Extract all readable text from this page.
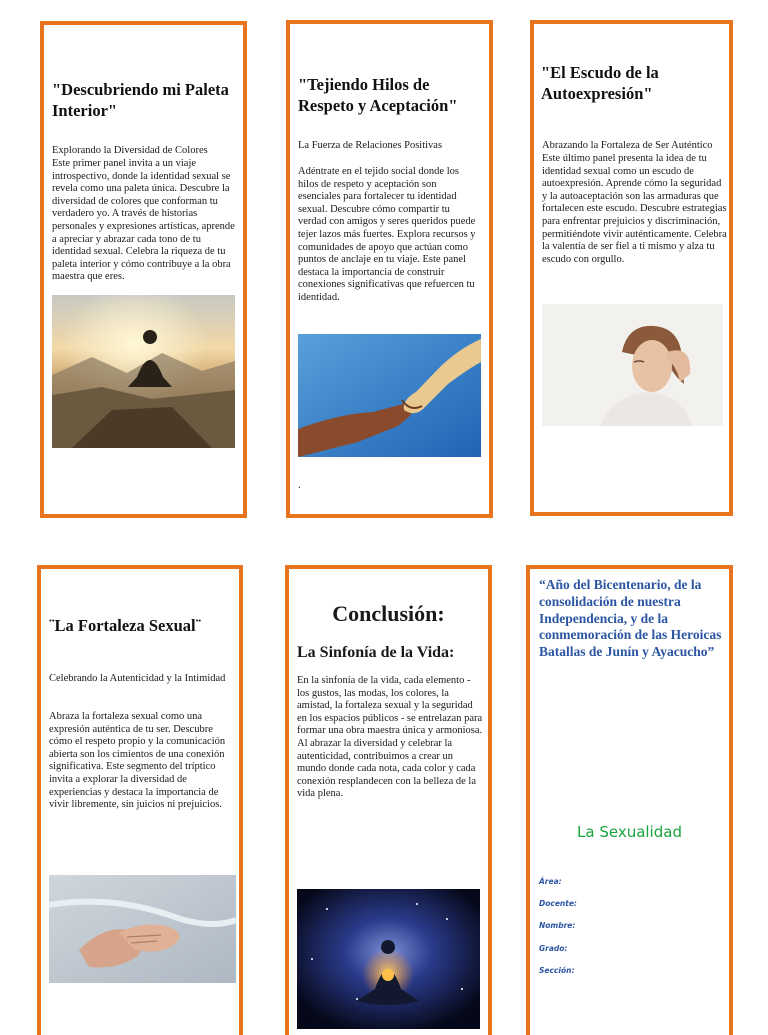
"Descubriendo mi Paleta Interior"

Explorando la Diversidad de Colores

Este primer panel invita a un viaje introspectivo, donde la identidad sexual se revela como una paleta única. Descubre la diversidad de colores que conforman tu verdadero yo. A través de historias personales y expresiones artísticas, aprende a apreciar y abrazar cada tono de tu identidad sexual. Celebra la riqueza de tu paleta interior y cómo contribuye a la obra maestra que eres.

"Tejiendo Hilos de Respeto y Aceptación"

La Fuerza de Relaciones Positivas

Adéntrate en el tejido social donde los hilos de respeto y aceptación son esenciales para fortalecer tu identidad sexual. Descubre cómo compartir tu verdad con amigos y seres queridos puede tejer lazos más fuertes. Explora recursos y comunidades de apoyo que actúan como puntos de anclaje en tu viaje. Este panel destaca la importancia de construir conexiones significativas que refuercen tu identidad.

.

"El Escudo de la Autoexpresión"

Abrazando la Fortaleza de Ser Auténtico

Este último panel presenta la idea de tu identidad sexual como un escudo de autoexpresión. Aprende cómo la seguridad y la autoaceptación son las armaduras que fortalecen este escudo. Descubre estrategias para enfrentar prejuicios y discriminación, permitiéndote vivir auténticamente. Celebra la valentía de ser fiel a ti mismo y alza tu escudo con orgullo.

¨La Fortaleza Sexual¨

Celebrando la Autenticidad y la Intimidad

Abraza la fortaleza sexual como una expresión auténtica de tu ser. Descubre cómo el respeto propio y la comunicación abierta son los cimientos de una conexión significativa. Este segmento del tríptico invita a explorar la diversidad de experiencias y destaca la importancia de vivir libremente, sin juicios ni prejuicios.

Conclusión:
La Sinfonía de la Vida:

En la sinfonía de la vida, cada elemento - los gustos, las modas, los colores, la amistad, la fortaleza sexual y la seguridad en los espacios públicos - se entrelazan para formar una obra maestra única y armoniosa. Al abrazar la diversidad y celebrar la autenticidad, contribuimos a crear un mundo donde cada nota, cada color y cada conexión resplandecen con la belleza de la vida plena.

“Año del Bicentenario, de la consolidación de nuestra Independencia, y de la conmemoración de las Heroicas Batallas de Junín y Ayacucho”

La Sexualidad

Área:

Docente:

Nombre:

Grado:

Sección:
